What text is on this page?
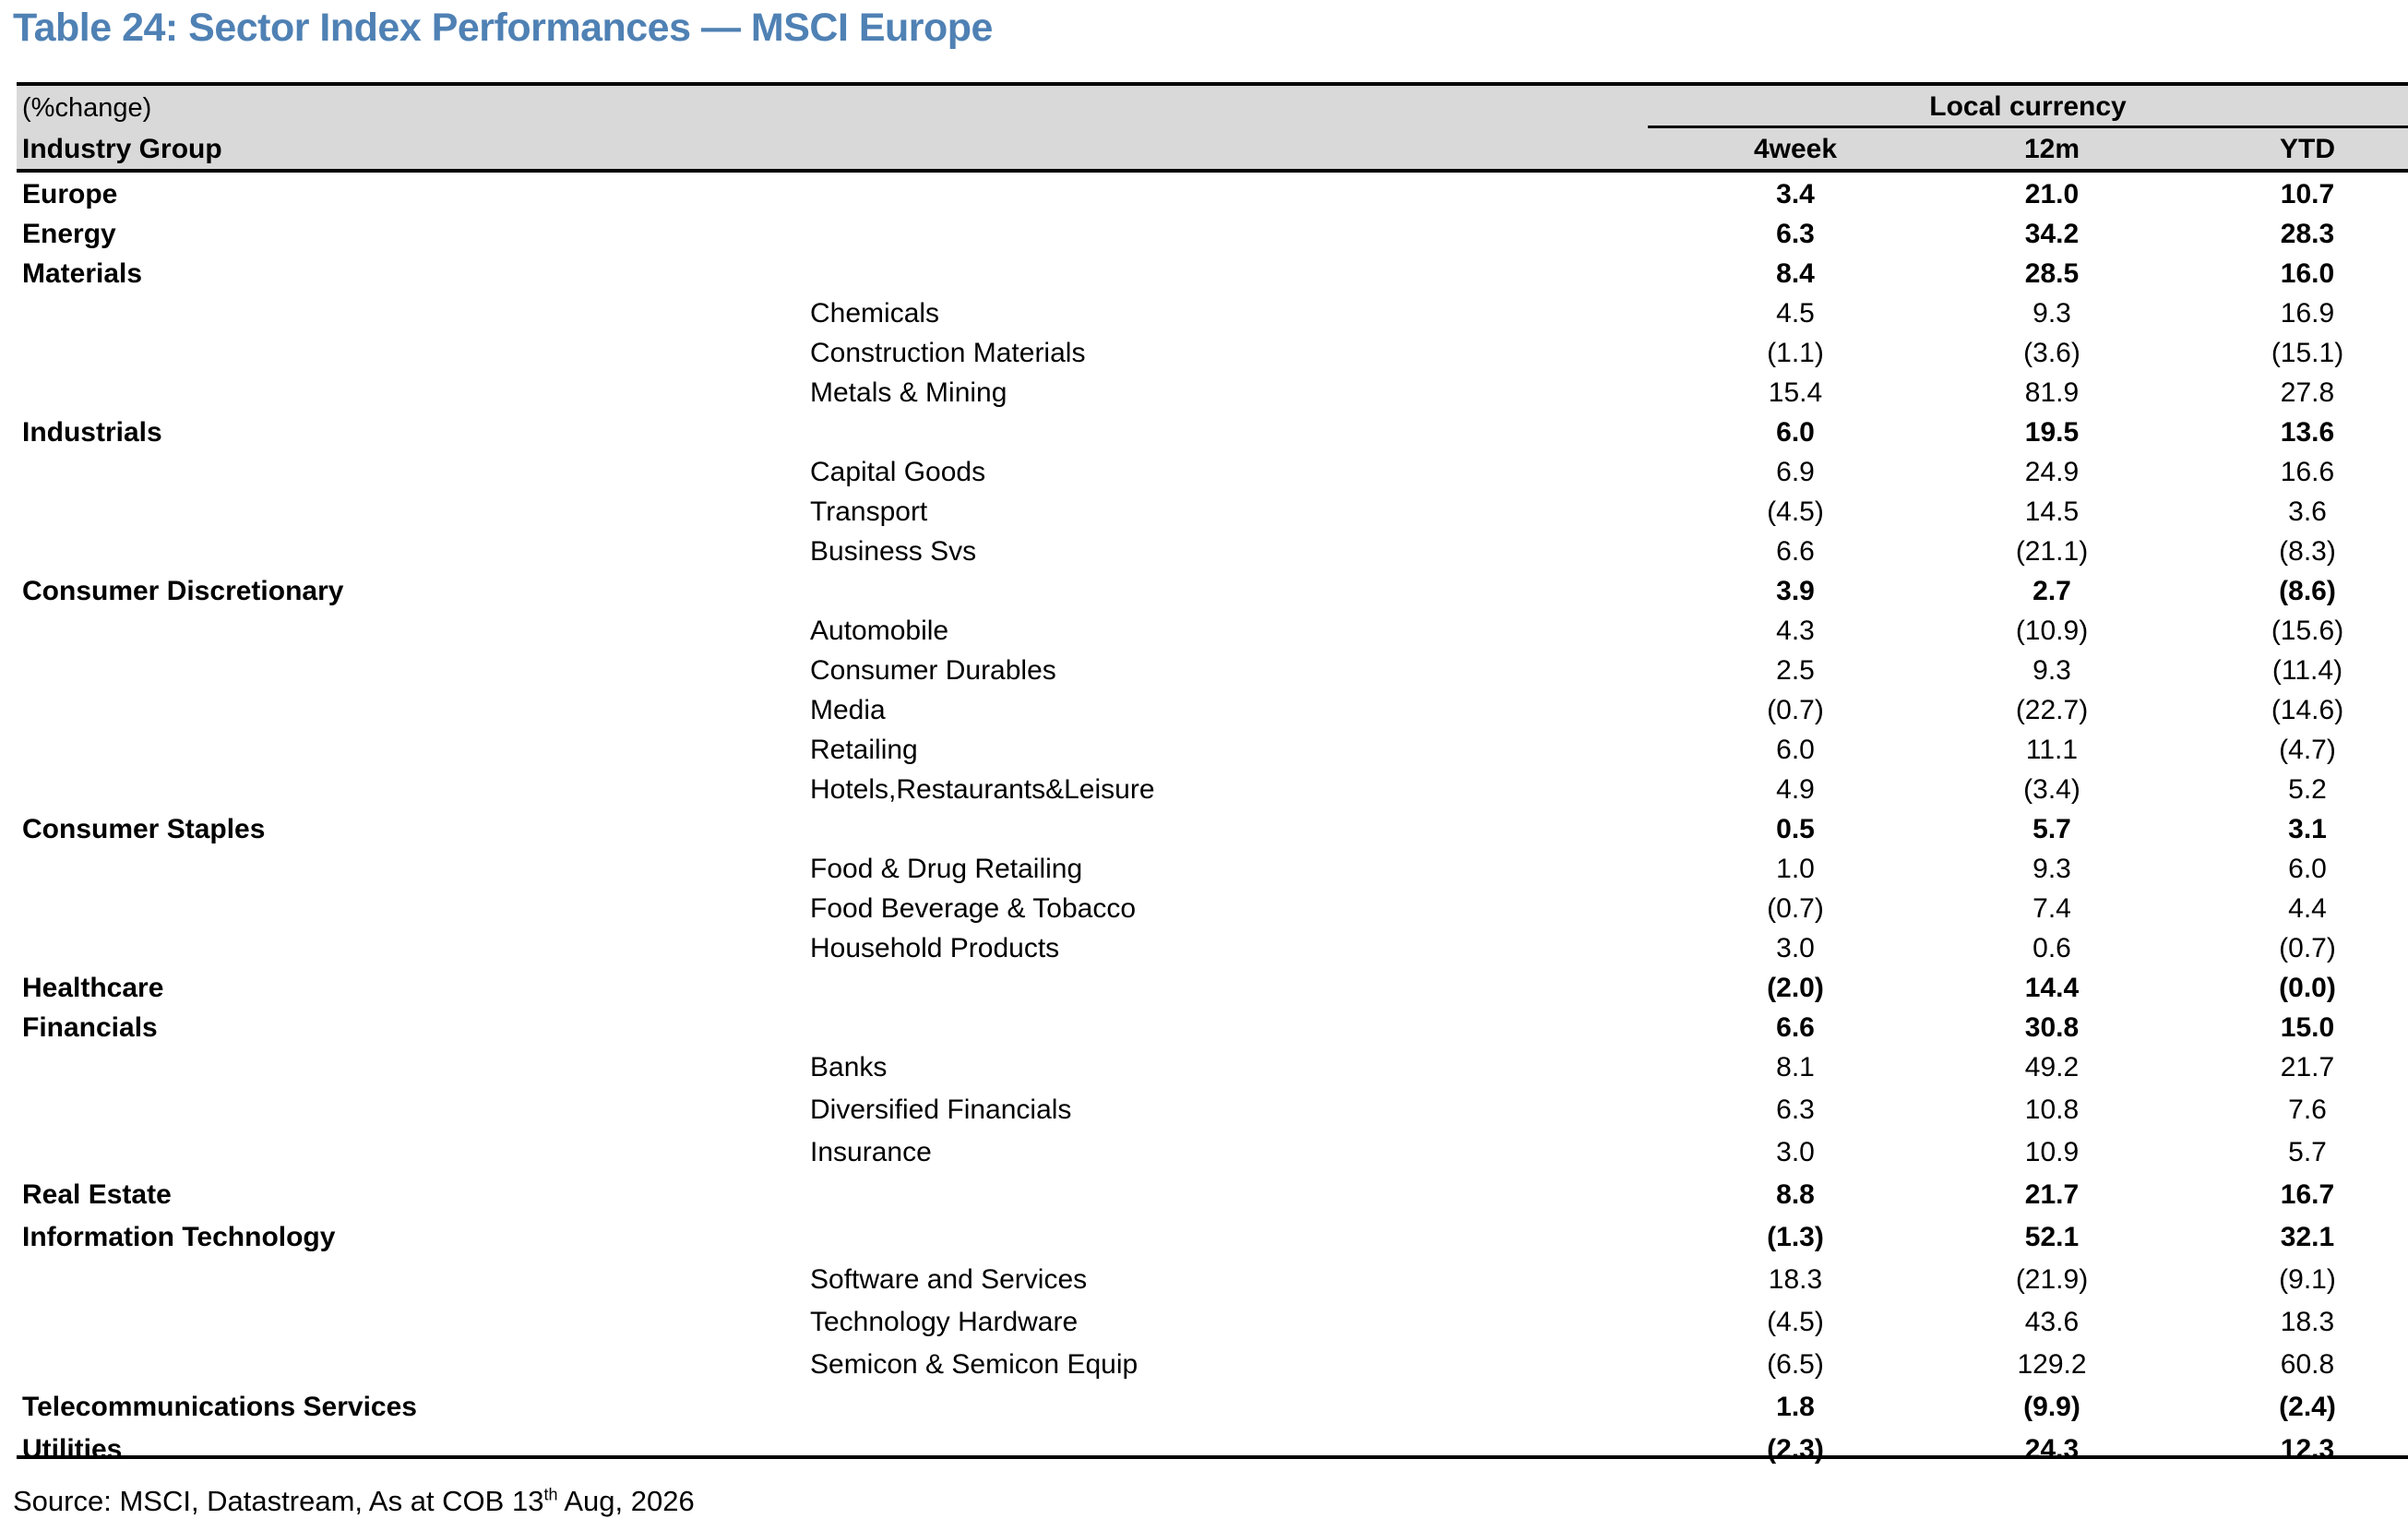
Table 24: Sector Index Performances — MSCI Europe
(%change)
Industry Group
Local currency
4week	12m	YTD
Europe	3.4	21.0	10.7
Energy	6.3	34.2	28.3
Materials	8.4	28.5	16.0
Chemicals	4.5	9.3	16.9
Construction Materials	(1.1)	(3.6)	(15.1)
Metals & Mining	15.4	81.9	27.8
Industrials	6.0	19.5	13.6
Capital Goods	6.9	24.9	16.6
Transport	(4.5)	14.5	3.6
Business Svs	6.6	(21.1)	(8.3)
Consumer Discretionary	3.9	2.7	(8.6)
Automobile	4.3	(10.9)	(15.6)
Consumer Durables	2.5	9.3	(11.4)
Media	(0.7)	(22.7)	(14.6)
Retailing	6.0	11.1	(4.7)
Hotels,Restaurants&Leisure	4.9	(3.4)	5.2
Consumer Staples	0.5	5.7	3.1
Food & Drug Retailing	1.0	9.3	6.0
Food Beverage & Tobacco	(0.7)	7.4	4.4
Household Products	3.0	0.6	(0.7)
Healthcare	(2.0)	14.4	(0.0)
Financials	6.6	30.8	15.0
Banks	8.1	49.2	21.7
Diversified Financials	6.3	10.8	7.6
Insurance	3.0	10.9	5.7
Real Estate	8.8	21.7	16.7
Information Technology	(1.3)	52.1	32.1
Software and Services	18.3	(21.9)	(9.1)
Technology Hardware	(4.5)	43.6	18.3
Semicon & Semicon Equip	(6.5)	129.2	60.8
Telecommunications Services	1.8	(9.9)	(2.4)
Utilities	(2.3)	24.3	12.3
Source: MSCI, Datastream, As at COB 13th Aug, 2026
